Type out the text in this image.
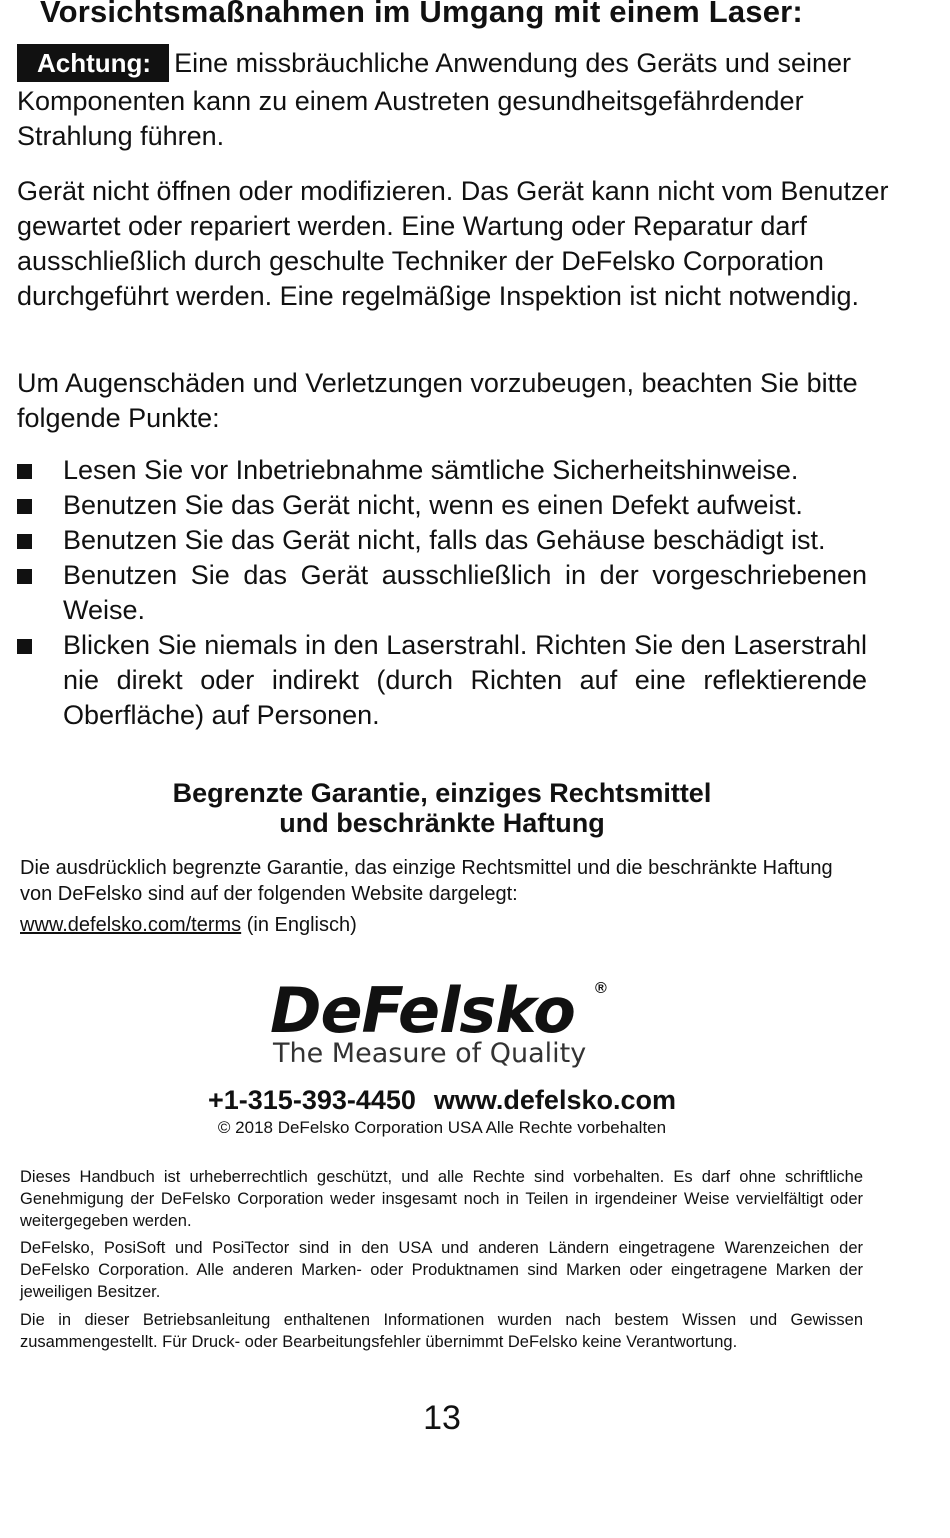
Vorsichtsmaßnahmen im Umgang mit einem Laser:

Achtung: Eine missbräuchliche Anwendung des Geräts und seiner Komponenten kann zu einem Austreten gesundheitsgefährdender Strahlung führen.

Gerät nicht öffnen oder modifizieren. Das Gerät kann nicht vom Benutzer gewartet oder repariert werden. Eine Wartung oder Reparatur darf ausschließlich durch geschulte Techniker der DeFelsko Corporation durchgeführt werden. Eine regelmäßige Inspektion ist nicht notwendig.

Um Augenschäden und Verletzungen vorzubeugen, beachten Sie bitte folgende Punkte:

Lesen Sie vor Inbetriebnahme sämtliche Sicherheitshinweise.
Benutzen Sie das Gerät nicht, wenn es einen Defekt aufweist.
Benutzen Sie das Gerät nicht, falls das Gehäuse beschädigt ist.
Benutzen Sie das Gerät ausschließlich in der vorgeschriebenen Weise.
Blicken Sie niemals in den Laserstrahl. Richten Sie den Laserstrahl nie direkt oder indirekt (durch Richten auf eine reflektierende Oberfläche) auf Personen.
Begrenzte Garantie, einziges Rechtsmittel
und beschränkte Haftung

Die ausdrücklich begrenzte Garantie, das einzige Rechtsmittel und die beschränkte Haftung von DeFelsko sind auf der folgenden Website dargelegt:

www.defelsko.com/terms (in Englisch)

DeFelsko ®
The Measure of Quality
+1-315-393-4450 www.defelsko.com
© 2018 DeFelsko Corporation USA Alle Rechte vorbehalten

Dieses Handbuch ist urheberrechtlich geschützt, und alle Rechte sind vorbehalten. Es darf ohne schriftliche Genehmigung der DeFelsko Corporation weder insgesamt noch in Teilen in irgendeiner Weise vervielfältigt oder weitergegeben werden.

DeFelsko, PosiSoft und PosiTector sind in den USA und anderen Ländern eingetragene Warenzeichen der DeFelsko Corporation. Alle anderen Marken- oder Produktnamen sind Marken oder eingetragene Marken der jeweiligen Besitzer.

Die in dieser Betriebsanleitung enthaltenen Informationen wurden nach bestem Wissen und Gewissen zusammengestellt. Für Druck- oder Bearbeitungsfehler übernimmt DeFelsko keine Verantwortung.

13
